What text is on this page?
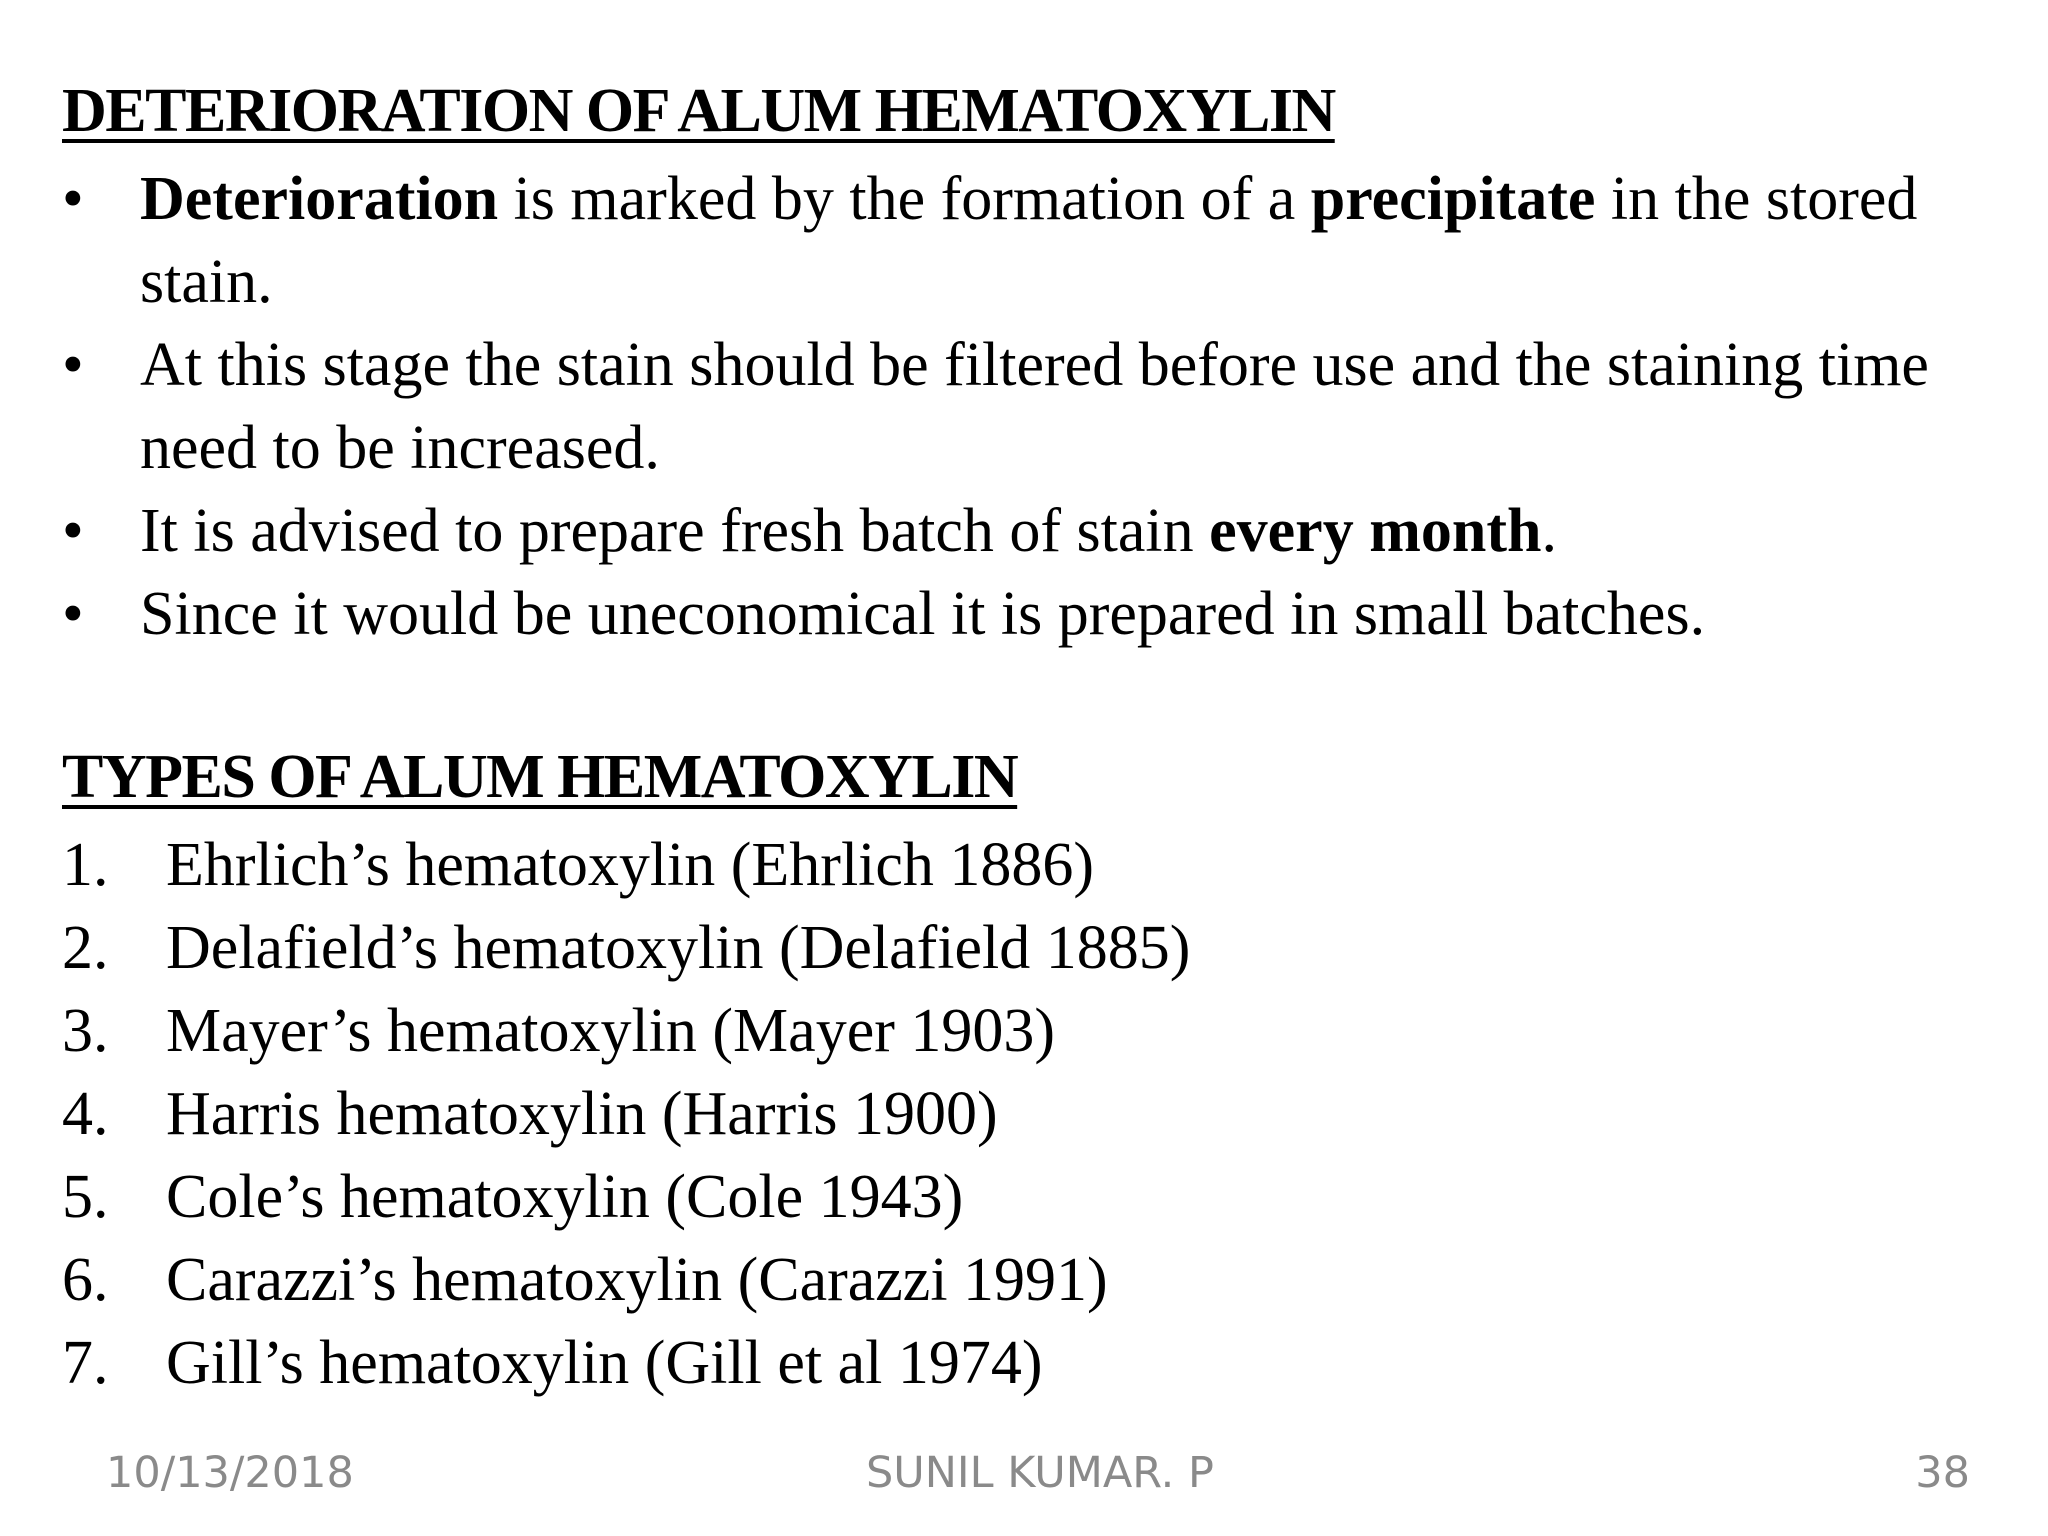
DETERIORATION OF ALUM HEMATOXYLIN
• Deterioration is marked by the formation of a precipitate in the stored stain.
• At this stage the stain should be filtered before use and the staining time need to be increased.
• It is advised to prepare fresh batch of stain every month.
• Since it would be uneconomical it is prepared in small batches.
TYPES OF ALUM HEMATOXYLIN
1. Ehrlich’s hematoxylin (Ehrlich 1886)
2. Delafield’s hematoxylin (Delafield 1885)
3. Mayer’s hematoxylin (Mayer 1903)
4. Harris hematoxylin (Harris 1900)
5. Cole’s hematoxylin (Cole 1943)
6. Carazzi’s hematoxylin (Carazzi 1991)
7. Gill’s hematoxylin (Gill et al 1974)
10/13/2018	SUNIL KUMAR. P	38
